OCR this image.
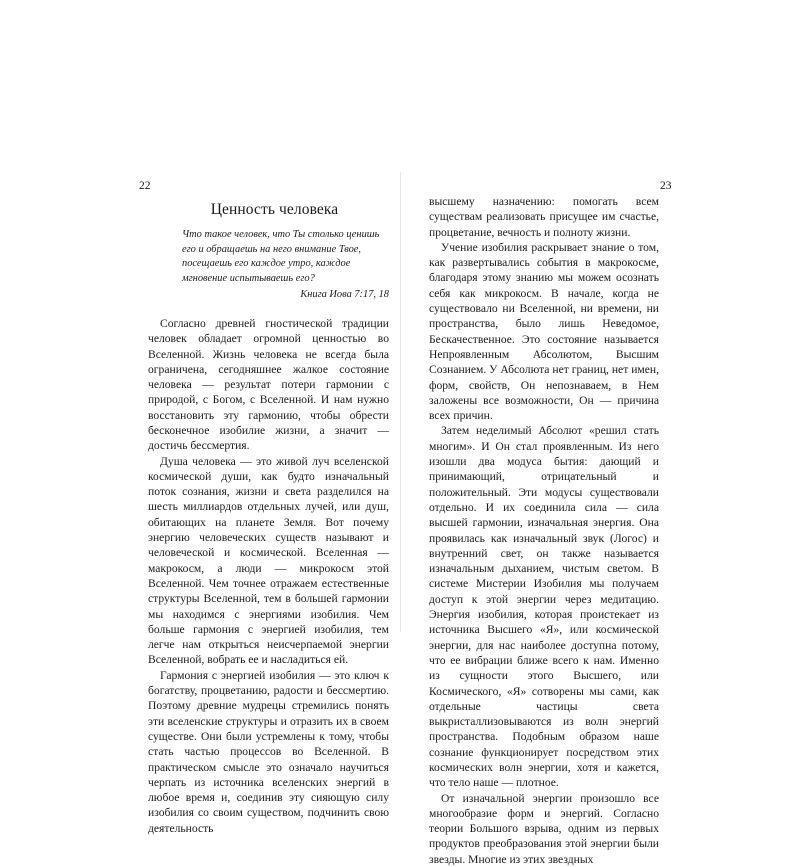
22	23
Ценность человека
Что такое человек, что Ты столько ценишь его и обращаешь на него внимание Твое, посещаешь его каждое утро, каждое мгновение испытываешь его?
Книга Иова 7:17, 18

Согласно древней гностической традиции человек обладает огромной ценностью во Вселенной. Жизнь человека не всегда была ограничена, сегодняшнее жалкое состояние человека — результат потери гармонии с природой, с Богом, с Вселенной. И нам нужно восстановить эту гармонию, чтобы обрести бесконечное изобилие жизни, а значит — достичь бессмертия.

Душа человека — это живой луч вселенской космической души, как будто изначальный поток сознания, жизни и света разделился на шесть миллиардов отдельных лучей, или душ, обитающих на планете Земля. Вот почему энергию человеческих существ называют и человеческой и космической. Вселенная — макрокосм, а люди — микрокосм этой Вселенной. Чем точнее отражаем естественные структуры Вселенной, тем в большей гармонии мы находимся с энергиями изобилия. Чем больше гармония с энергией изобилия, тем легче нам открыться неисчерпаемой энергии Вселенной, вобрать ее и насладиться ей.

Гармония с энергией изобилия — это ключ к богатству, процветанию, радости и бессмертию. Поэтому древние мудрецы стремились понять эти вселенские структуры и отразить их в своем существе. Они были устремлены к тому, чтобы стать частью процессов во Вселенной. В практическом смысле это означало научиться черпать из источника вселенских энергий в любое время и, соединив эту сияющую силу изобилия со своим существом, подчинить свою деятельность

высшему назначению: помогать всем существам реализовать присущее им счастье, процветание, вечность и полноту жизни.

Учение изобилия раскрывает знание о том, как развертывались события в макрокосме, благодаря этому знанию мы можем осознать себя как микрокосм. В начале, когда не существовало ни Вселенной, ни времени, ни пространства, было лишь Неведомое, Бескачественное. Это состояние называется Непроявленным Абсолютом, Высшим Сознанием. У Абсолюта нет границ, нет имен, форм, свойств, Он непознаваем, в Нем заложены все возможности, Он — причина всех причин.

Затем неделимый Абсолют «решил стать многим». И Он стал проявленным. Из него изошли два модуса бытия: дающий и принимающий, отрицательный и положительный. Эти модусы существовали отдельно. И их соединила сила — сила высшей гармонии, изначальная энергия. Она проявилась как изначальный звук (Логос) и внутренний свет, он также называется изначальным дыханием, чистым светом. В системе Мистерии Изобилия мы получаем доступ к этой энергии через медитацию. Энергия изобилия, которая проистекает из источника Высшего «Я», или космической энергии, для нас наиболее доступна потому, что ее вибрации ближе всего к нам. Именно из сущности этого Высшего, или Космического, «Я» сотворены мы сами, как отдельные частицы света выкристаллизовываются из волн энергий пространства. Подобным образом наше сознание функционирует посредством этих космических волн энергии, хотя и кажется, что тело наше — плотное.

От изначальной энергии произошло все многообразие форм и энергий. Согласно теории Большого взрыва, одним из первых продуктов преобразования этой энергии были звезды. Многие из этих звездных
